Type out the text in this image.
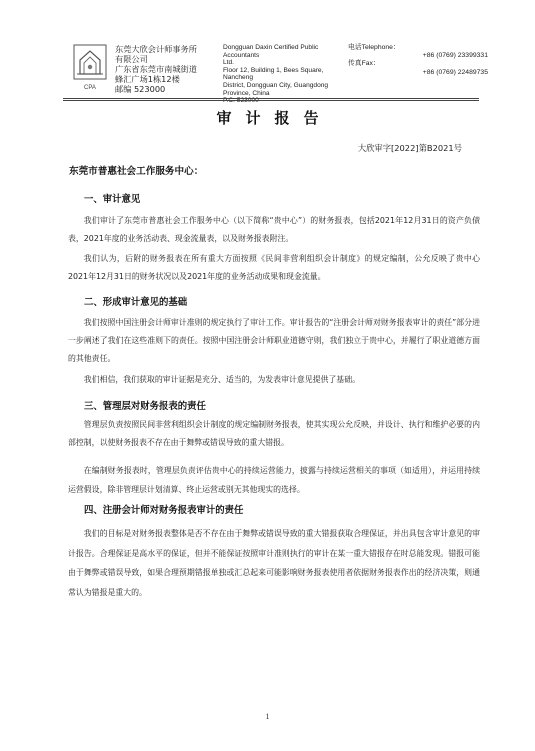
CPA
东莞大欣会计师事务所
有限公司
广东省东莞市南城街道
蜂汇广场1栋12楼
邮编 523000
Dongguan Daxin Certified Public Accountants
Ltd.
Floor 12, Building 1, Bees Square, Nancheng
District, Dongguan City, Guangdong
Province, China
P.C. 523000
电话Telephone：
+86 (0769) 23399331
传真Fax：
+86 (0769) 22489735
审计报告
大欣审字[2022]第B2021号
东莞市普惠社会工作服务中心：
一、审计意见
我们审计了东莞市普惠社会工作服务中心（以下简称“贵中心”）的财务报表，包括2021年12月31日的资产负债表，2021年度的业务活动表、现金流量表，以及财务报表附注。
我们认为，后附的财务报表在所有重大方面按照《民间非营利组织会计制度》的规定编制，公允反映了贵中心2021年12月31日的财务状况以及2021年度的业务活动成果和现金流量。
二、形成审计意见的基础
我们按照中国注册会计师审计准则的规定执行了审计工作。审计报告的“注册会计师对财务报表审计的责任”部分进一步阐述了我们在这些准则下的责任。按照中国注册会计师职业道德守则，我们独立于贵中心，并履行了职业道德方面的其他责任。
我们相信，我们获取的审计证据是充分、适当的，为发表审计意见提供了基础。
三、管理层对财务报表的责任
管理层负责按照民间非营利组织会计制度的规定编制财务报表，使其实现公允反映，并设计、执行和维护必要的内部控制，以使财务报表不存在由于舞弊或错误导致的重大错报。
在编制财务报表时，管理层负责评估贵中心的持续运营能力，披露与持续运营相关的事项（如适用），并运用持续运营假设，除非管理层计划清算、终止运营或别无其他现实的选择。
四、注册会计师对财务报表审计的责任
我们的目标是对财务报表整体是否不存在由于舞弊或错误导致的重大错报获取合理保证，并出具包含审计意见的审计报告。合理保证是高水平的保证，但并不能保证按照审计准则执行的审计在某一重大错报存在时总能发现。错报可能由于舞弊或错误导致，如果合理预期错报单独或汇总起来可能影响财务报表使用者依据财务报表作出的经济决策，则通常认为错报是重大的。
1
